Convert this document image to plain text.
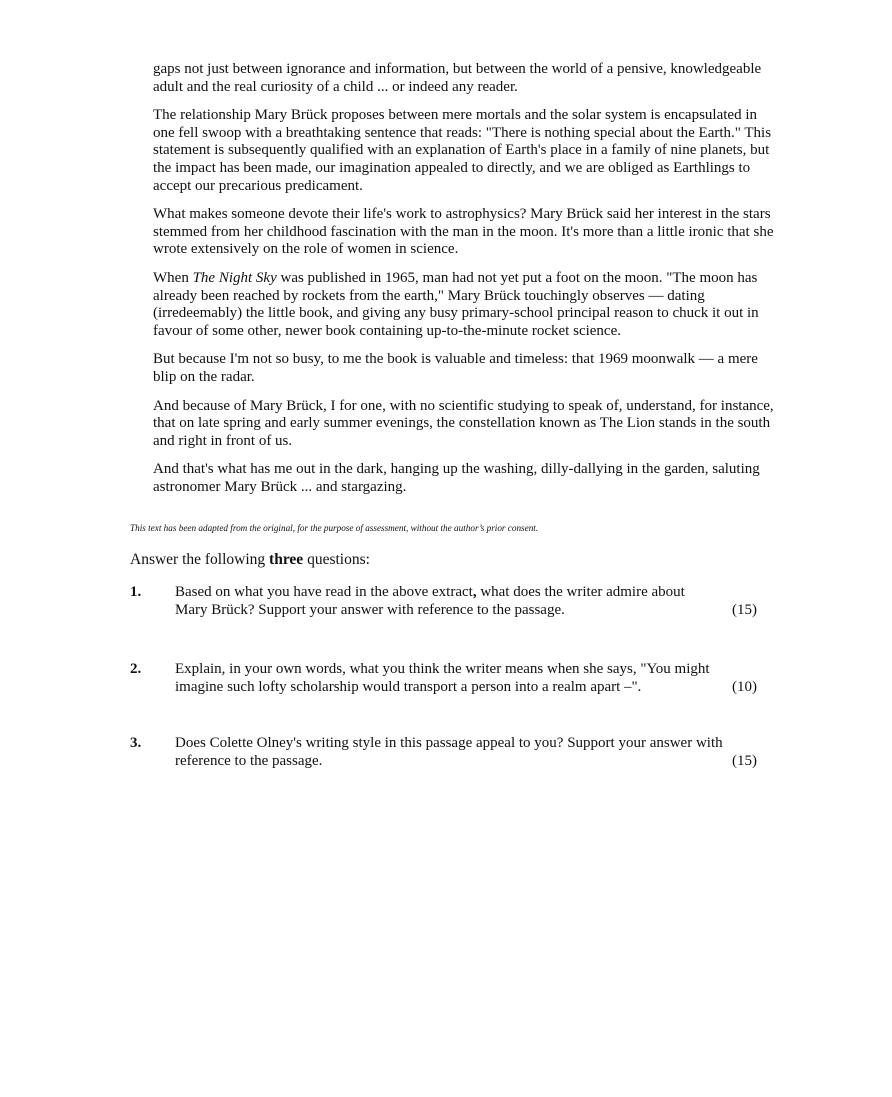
gaps not just between ignorance and information, but between the world of a pensive, knowledgeable adult and the real curiosity of a child ... or indeed any reader.

The relationship Mary Brück proposes between mere mortals and the solar system is encapsulated in one fell swoop with a breathtaking sentence that reads: "There is nothing special about the Earth." This statement is subsequently qualified with an explanation of Earth's place in a family of nine planets, but the impact has been made, our imagination appealed to directly, and we are obliged as Earthlings to accept our precarious predicament.

What makes someone devote their life's work to astrophysics? Mary Brück said her interest in the stars stemmed from her childhood fascination with the man in the moon. It's more than a little ironic that she wrote extensively on the role of women in science.

When The Night Sky was published in 1965, man had not yet put a foot on the moon. "The moon has already been reached by rockets from the earth," Mary Brück touchingly observes — dating (irredeemably) the little book, and giving any busy primary-school principal reason to chuck it out in favour of some other, newer book containing up-to-the-minute rocket science.

But because I'm not so busy, to me the book is valuable and timeless: that 1969 moonwalk — a mere blip on the radar.

And because of Mary Brück, I for one, with no scientific studying to speak of, understand, for instance, that on late spring and early summer evenings, the constellation known as The Lion stands in the south and right in front of us.

And that's what has me out in the dark, hanging up the washing, dilly-dallying in the garden, saluting astronomer Mary Brück ... and stargazing.

This text has been adapted from the original, for the purpose of assessment, without the author’s prior consent.
Answer the following three questions:
1. Based on what you have read in the above extract, what does the writer admire about
Mary Brück? Support your answer with reference to the passage.	(15)
2. Explain, in your own words, what you think the writer means when she says, "You might
imagine such lofty scholarship would transport a person into a realm apart –".	(10)
3. Does Colette Olney's writing style in this passage appeal to you? Support your answer with
reference to the passage.	(15)
